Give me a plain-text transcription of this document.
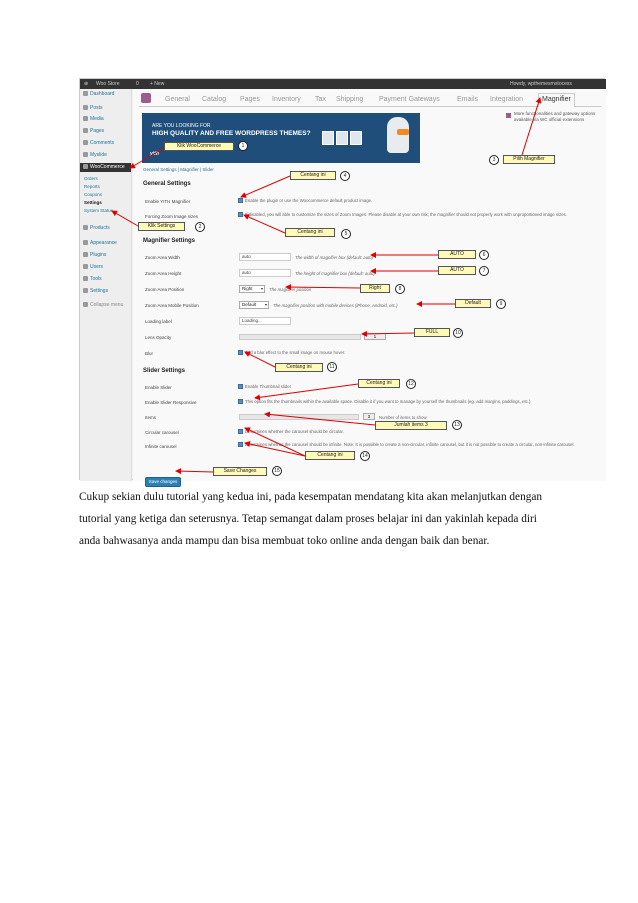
⊕ Woo Store	0 + New	Howdy, wpthemesrnstocess
Dashboard
Posts
Media
Pages
Comments
Myslide
WooCommerce
Orders
Reports
Coupons
Settings
System Status
Products
Appearance
Plugins
Users
Tools
Settings
Collapse menu
General Catalog Pages Inventory Tax Shipping Payment Gateways Emails Integration	Magnifier
ARE YOU LOOKING FOR
HIGH QUALITY AND FREE WORDPRESS THEMES?
yith
More functionalities and gateway options
available via WC official extensions
General Settings | Magnifier | Slider
General Settings
Enable YITH Magnifier	Enable the plugin or use the Woocommerce default product image.
Forcing Zoom Image sizes	If disabled, you will able to customize the sizes of Zoom Images. Please disable at your own risk; the magnifier should not properly work with unproportioned image sizes.
Magnifier Settings
Zoom Area Width	auto	The width of magnifier box (default: auto)
Zoom Area Height	auto	The height of magnifier box (default: auto)
Zoom Area Position	Right ▾ The magnifier position
Zoom Area Mobile Position	Default ▾ The magnifier position with mobile devices (iPhone, Android, etc.)
Loading label	Loading...
Lens Opacity	1
Blur	Add a blur effect to the small image on mouse hover.
Slider Settings
Enable Slider	Enable Thumbnail slider
Enable Slider Responsive	This option fits the thumbnails within the available space. Disable it if you want to manage by yourself the thumbnails (eg. add margins, paddings, etc.)
Items	3	Number of items to show
Circular carousel	Determines whether the carousel should be circular.
Infinite carousel	Determines whether the carousel should be infinite. Note: It is possible to create a non-circular, infinite carousel, but it is not possible to create a circular, non-infinite carousel.
Save changes
Klik WooCommerce	1
Klik Settings	2
Pilih Magnifier
3
Centang ini	4
Centang ini	5
AUTO	6
AUTO	7
Right	8
Default	9
FULL	10
Centang ini	11
Centang ini	12
Jumlah items 3	13
Centang ini	14
Save Changes	15

Cukup sekian dulu tutorial yang kedua ini, pada kesempatan mendatang kita akan melanjutkan dengan

tutorial yang ketiga dan seterusnya. Tetap semangat dalam proses belajar ini dan yakinlah kepada diri

anda bahwasanya anda mampu dan bisa membuat toko online anda dengan baik dan benar.
